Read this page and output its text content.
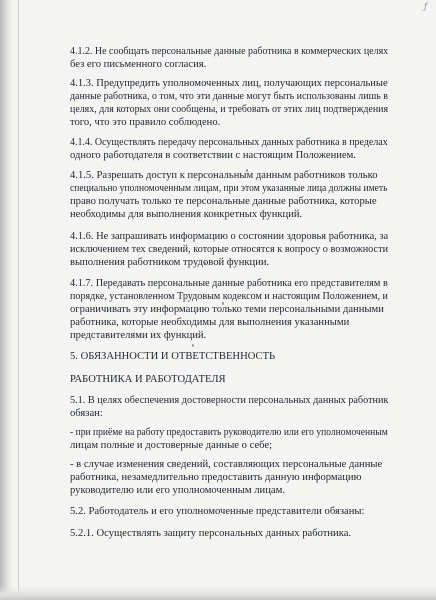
ƒ
4.1.2. Не сообщать персональные данные работника в коммерческих целях
без его письменного согласия.
4.1.3. Предупредить уполномоченных лиц, получающих персональные
данные работника, о том, что эти данные могут быть использованы лишь в
целях, для которых они сообщены, и требовать от этих лиц подтверждения
того, что это правило соблюдено.
4.1.4. Осуществлять передачу персональных данных работника в пределах
одного работодателя в соответствии с настоящим Положением.
4.1.5. Разрешать доступ к персональным данным работников только
специально уполномоченным лицам, при этом указанные лица должны иметь
право получать только те персональные данные работника, которые
необходимы для выполнения конкретных функций.
4.1.6. Не запрашивать информацию о состоянии здоровья работника, за
исключением тех сведений, которые относятся к вопросу о возможности
выполнения работником трудовой функции.
4.1.7. Передавать персональные данные работника его представителям в
порядке, установленном Трудовым кодексом и настоящим Положением, и
ограничивать эту информацию только теми персональными данными
работника, которые необходимы для выполнения указанными
представителями их функций.
5. ОБЯЗАННОСТИ И ОТВЕТСТВЕННОСТЬ
РАБОТНИКА И РАБОТОДАТЕЛЯ
5.1. В целях обеспечения достоверности персональных данных работник
обязан:
- при приёме на работу предоставить руководителю или его уполномоченным
лицам полные и достоверные данные о себе;
- в случае изменения сведений, составляющих персональные данные
работника, незамедлительно предоставить данную информацию
руководителю или его уполномоченным лицам.
5.2. Работодатель и его уполномоченные представители обязаны:
5.2.1. Осуществлять защиту персональных данных работника.
